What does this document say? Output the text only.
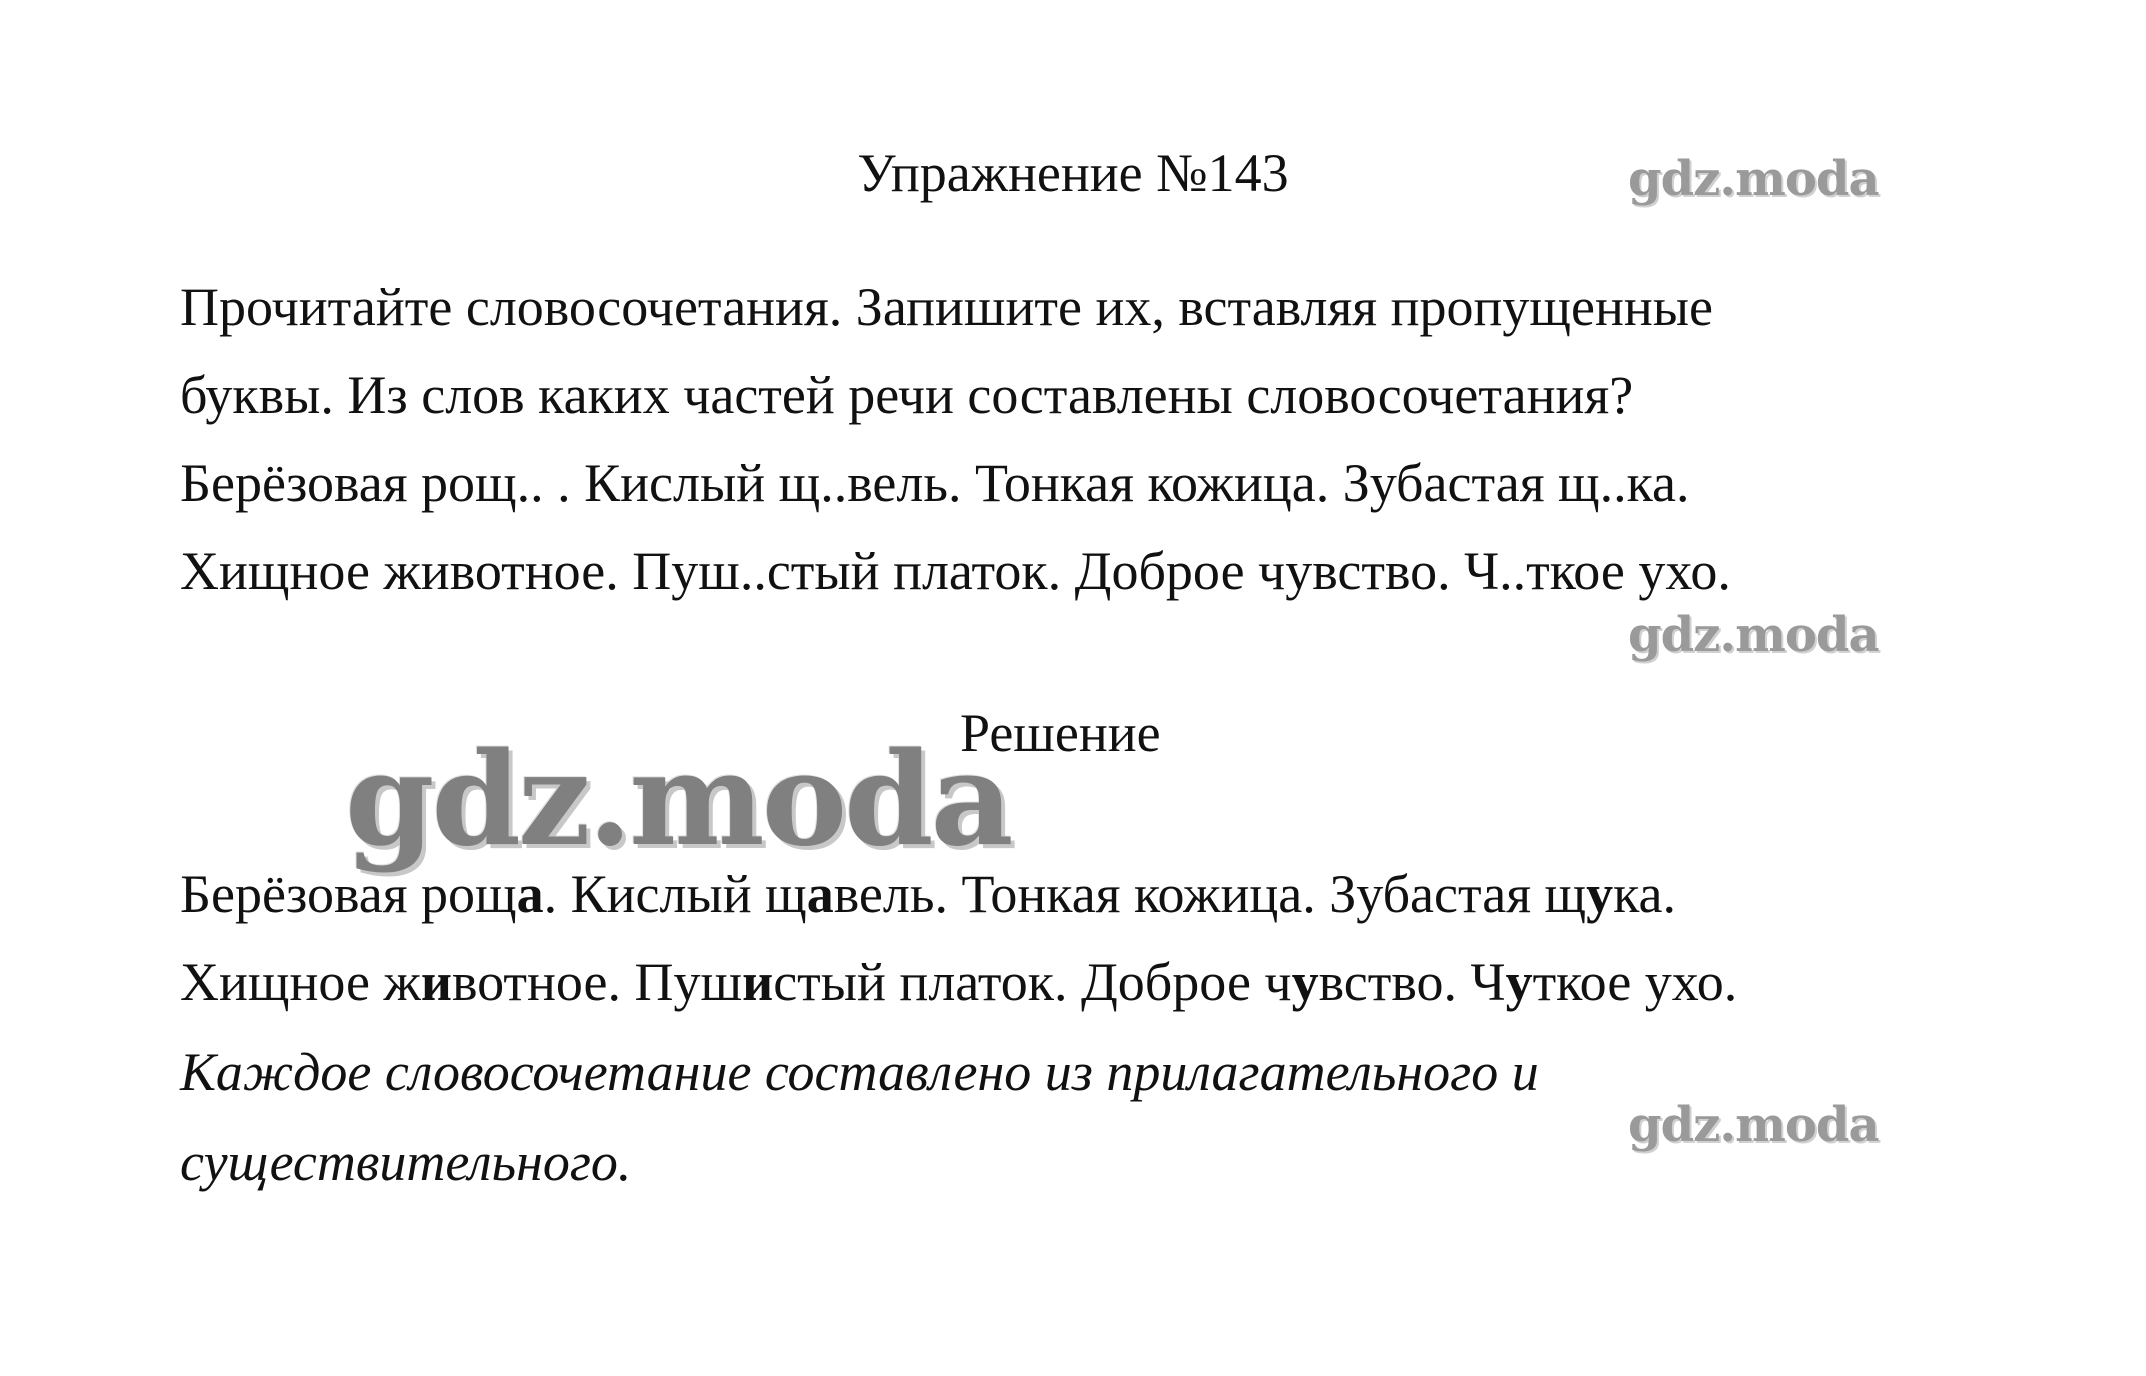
Упражнение №143	gdz.moda
Прочитайте словосочетания. Запишите их, вставляя пропущенные
буквы. Из слов каких частей речи составлены словосочетания?
Берёзовая рощ.. . Кислый щ..вель. Тонкая кожица. Зубастая щ..ка.
Хищное животное. Пуш..стый платок. Доброе чувство. Ч..ткое ухо.
gdz.moda
Решение
gdz.moda
Берёзовая роща. Кислый щавель. Тонкая кожица. Зубастая щука.
Хищное животное. Пушистый платок. Доброе чувство. Чуткое ухо.
Каждое словосочетание составлено из прилагательного и
существительного.
gdz.moda
